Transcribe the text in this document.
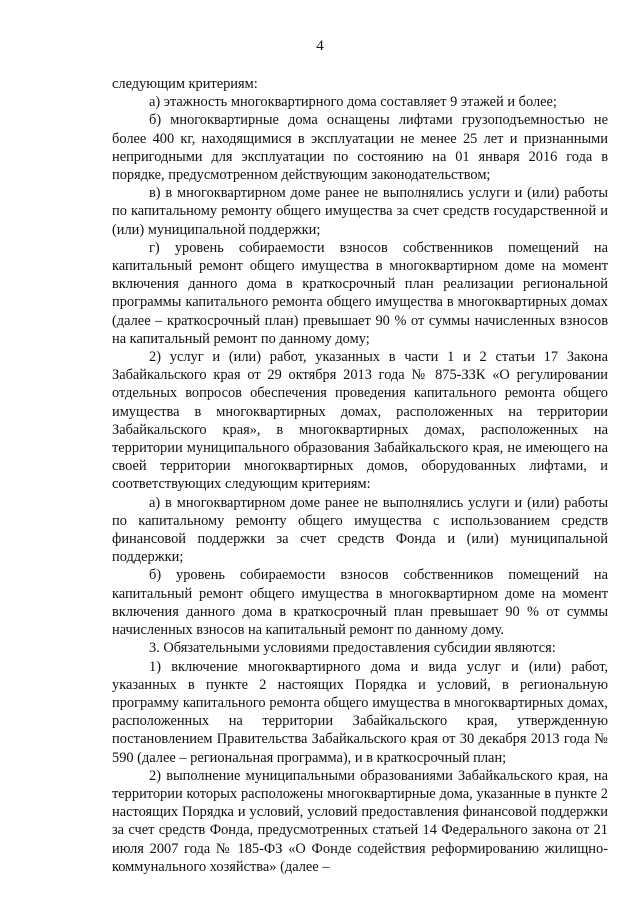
4

следующим критериям:

а) этажность многоквартирного дома составляет 9 этажей и более;

б) многоквартирные дома оснащены лифтами грузоподъемностью не более 400 кг, находящимися в эксплуатации не менее 25 лет и признанными непригодными для эксплуатации по состоянию на 01 января 2016 года в порядке, предусмотренном действующим законодательством;

в) в многоквартирном доме ранее не выполнялись услуги и (или) работы по капитальному ремонту общего имущества за счет средств государственной и (или) муниципальной поддержки;

г) уровень собираемости взносов собственников помещений на капитальный ремонт общего имущества в многоквартирном доме на момент включения данного дома в краткосрочный план реализации региональной программы капитального ремонта общего имущества в многоквартирных домах (далее – краткосрочный план) превышает 90 % от суммы начисленных взносов на капитальный ремонт по данному дому;

2) услуг и (или) работ, указанных в части 1 и 2 статьи 17 Закона Забайкальского края от 29 октября 2013 года № 875-ЗЗК «О регулировании отдельных вопросов обеспечения проведения капитального ремонта общего имущества в многоквартирных домах, расположенных на территории Забайкальского края», в многоквартирных домах, расположенных на территории муниципального образования Забайкальского края, не имеющего на своей территории многоквартирных домов, оборудованных лифтами, и соответствующих следующим критериям:

а) в многоквартирном доме ранее не выполнялись услуги и (или) работы по капитальному ремонту общего имущества с использованием средств финансовой поддержки за счет средств Фонда и (или) муниципальной поддержки;

б) уровень собираемости взносов собственников помещений на капитальный ремонт общего имущества в многоквартирном доме на момент включения данного дома в краткосрочный план превышает 90 % от суммы начисленных взносов на капитальный ремонт по данному дому.

3. Обязательными условиями предоставления субсидии являются:

1) включение многоквартирного дома и вида услуг и (или) работ, указанных в пункте 2 настоящих Порядка и условий, в региональную программу капитального ремонта общего имущества в многоквартирных домах, расположенных на территории Забайкальского края, утвержденную постановлением Правительства Забайкальского края от 30 декабря 2013 года № 590 (далее – региональная программа), и в краткосрочный план;

2) выполнение муниципальными образованиями Забайкальского края, на территории которых расположены многоквартирные дома, указанные в пункте 2 настоящих Порядка и условий, условий предоставления финансовой поддержки за счет средств Фонда, предусмотренных статьей 14 Федерального закона от 21 июля 2007 года № 185-ФЗ «О Фонде содействия реформированию жилищно-коммунального хозяйства» (далее –
